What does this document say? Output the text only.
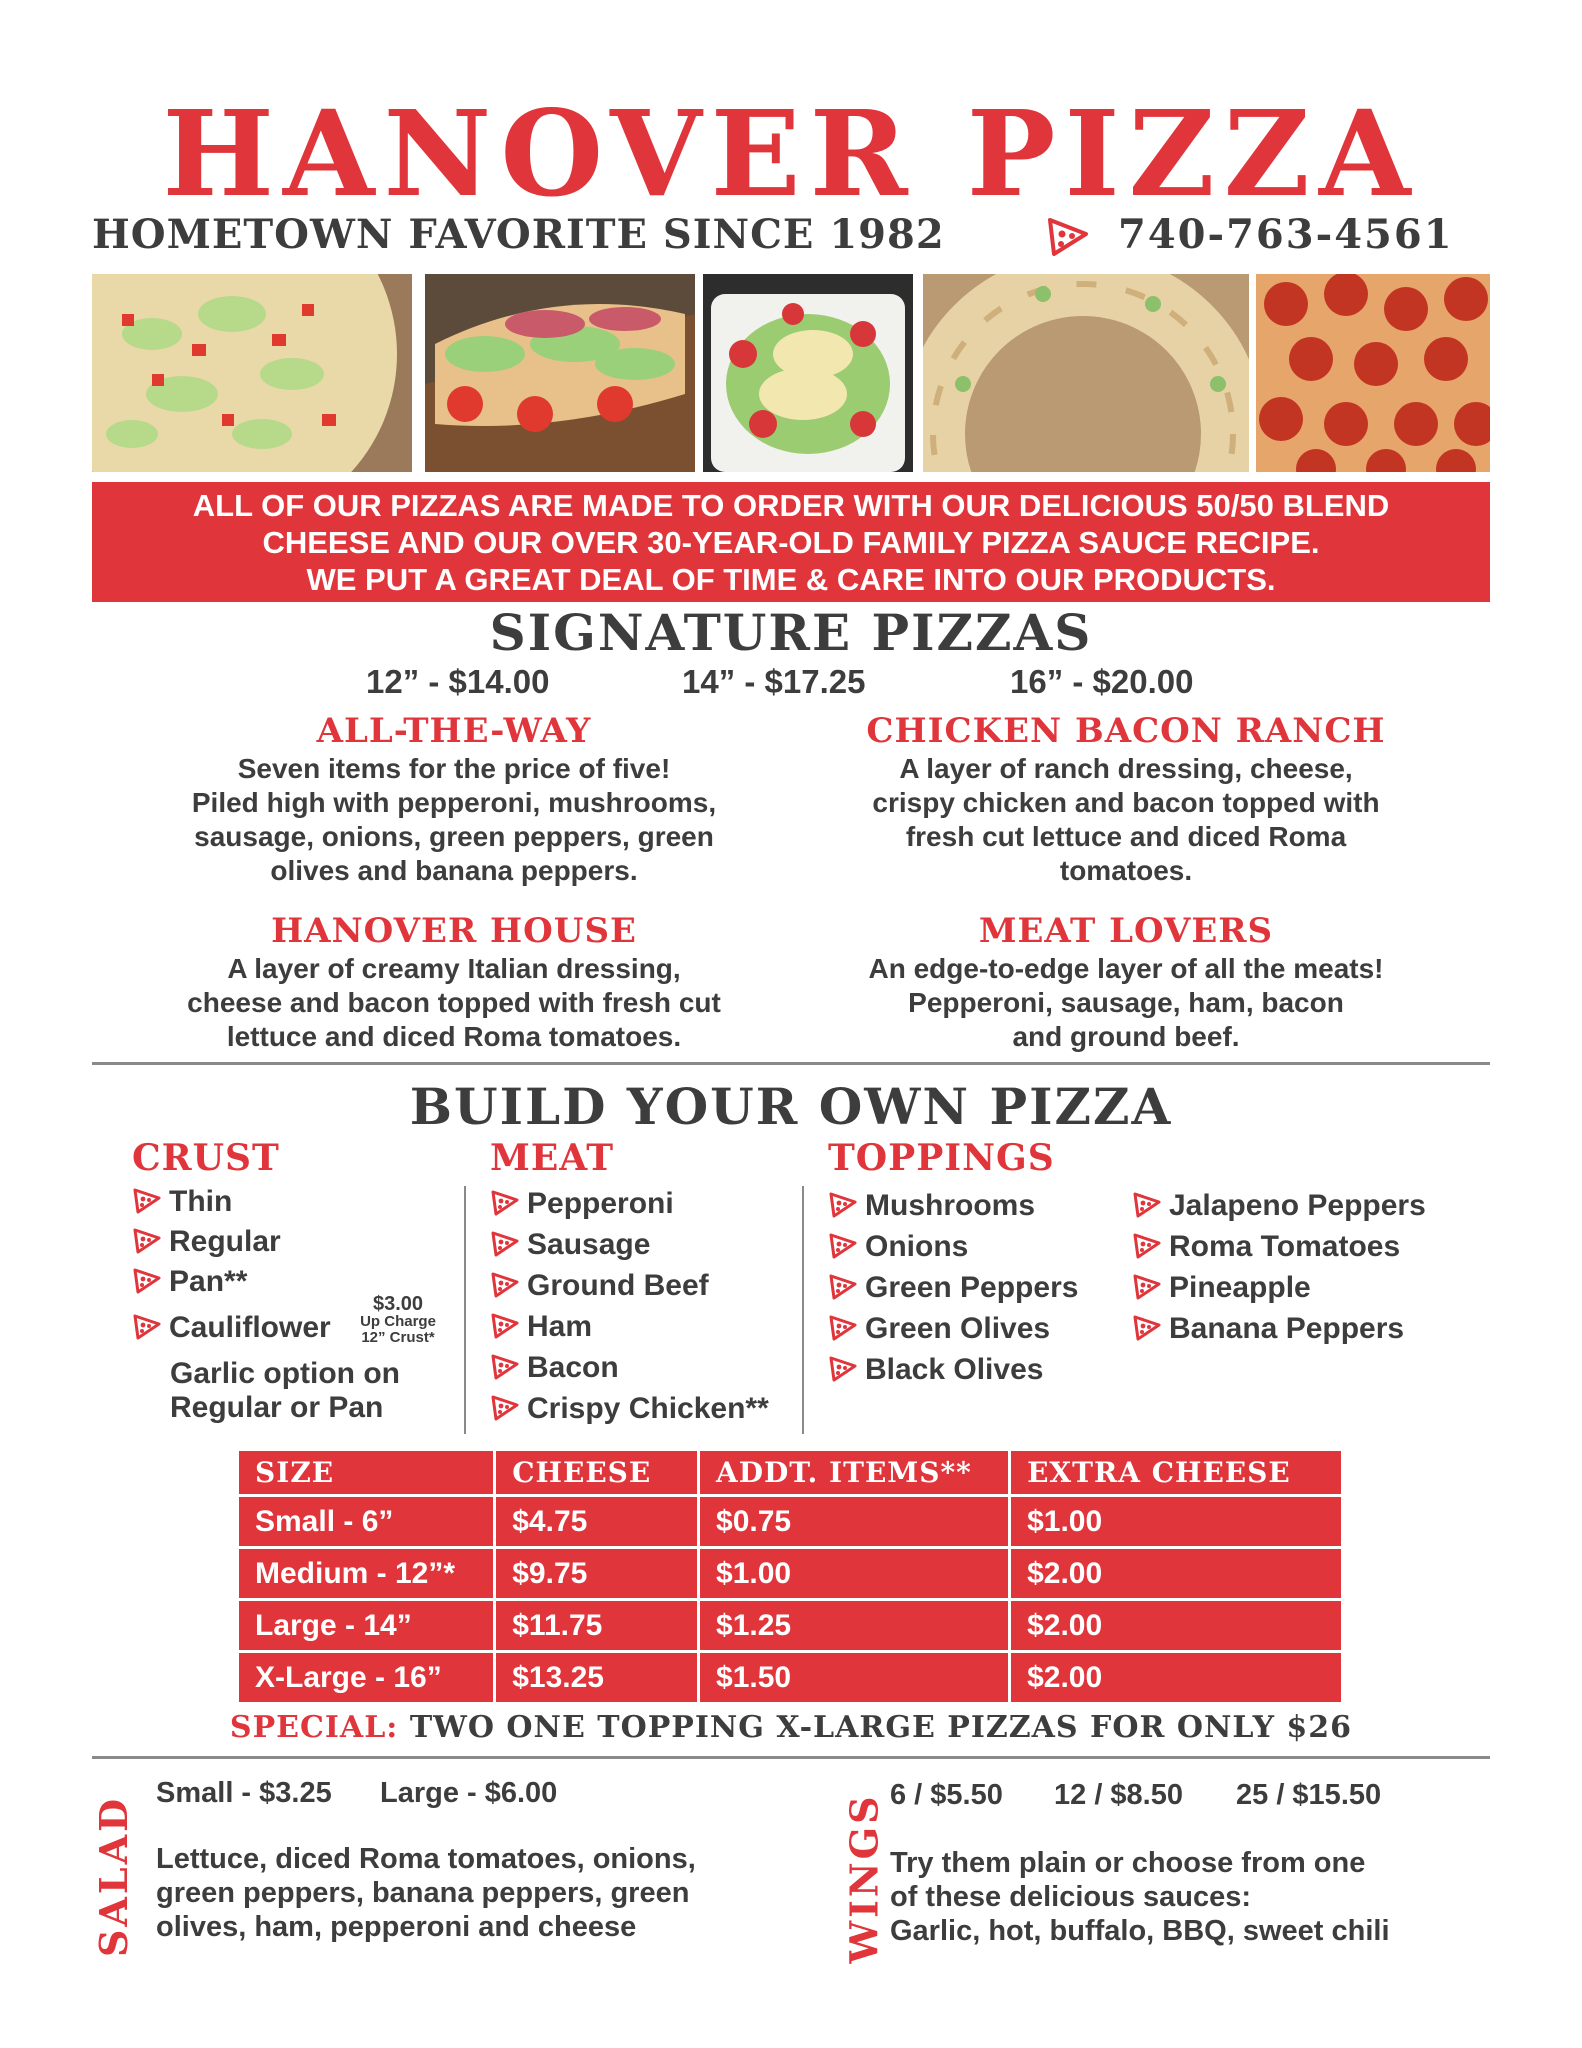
HANOVER PIZZA
HOMETOWN FAVORITE SINCE 1982	740-763-4561
ALL OF OUR PIZZAS ARE MADE TO ORDER WITH OUR DELICIOUS 50/50 BLEND
CHEESE AND OUR OVER 30-YEAR-OLD FAMILY PIZZA SAUCE RECIPE.
WE PUT A GREAT DEAL OF TIME & CARE INTO OUR PRODUCTS.
SIGNATURE PIZZAS
12” - $14.00	14” - $17.25	16” - $20.00
ALL-THE-WAY
Seven items for the price of five!
Piled high with pepperoni, mushrooms,
sausage, onions, green peppers, green
olives and banana peppers.
CHICKEN BACON RANCH
A layer of ranch dressing, cheese,
crispy chicken and bacon topped with
fresh cut lettuce and diced Roma
tomatoes.
HANOVER HOUSE
A layer of creamy Italian dressing,
cheese and bacon topped with fresh cut
lettuce and diced Roma tomatoes.
MEAT LOVERS
An edge-to-edge layer of all the meats!
Pepperoni, sausage, ham, bacon
and ground beef.
BUILD YOUR OWN PIZZA
CRUST	MEAT	TOPPINGS
Thin
Regular
Pan**
Cauliflower
$3.00
Up Charge
12” Crust*
Garlic option on
Regular or Pan
Pepperoni
Sausage
Ground Beef
Ham
Bacon
Crispy Chicken**
Mushrooms
Onions
Green Peppers
Green Olives
Black Olives
Jalapeno Peppers
Roma Tomatoes
Pineapple
Banana Peppers
SIZE	CHEESE	ADDT. ITEMS**	EXTRA CHEESE
Small - 6”	$4.75	$0.75	$1.00
Medium - 12”*	$9.75	$1.00	$2.00
Large - 14”	$11.75	$1.25	$2.00
X-Large - 16”	$13.25	$1.50	$2.00
SPECIAL: TWO ONE TOPPING X-LARGE PIZZAS FOR ONLY $26
SALAD
Small - $3.25 Large - $6.00
Lettuce, diced Roma tomatoes, onions,
green peppers, banana peppers, green
olives, ham, pepperoni and cheese	WINGS 6 / $5.50 12 / $8.50 25 / $15.50
Try them plain or choose from one
of these delicious sauces:
Garlic, hot, buffalo, BBQ, sweet chili
